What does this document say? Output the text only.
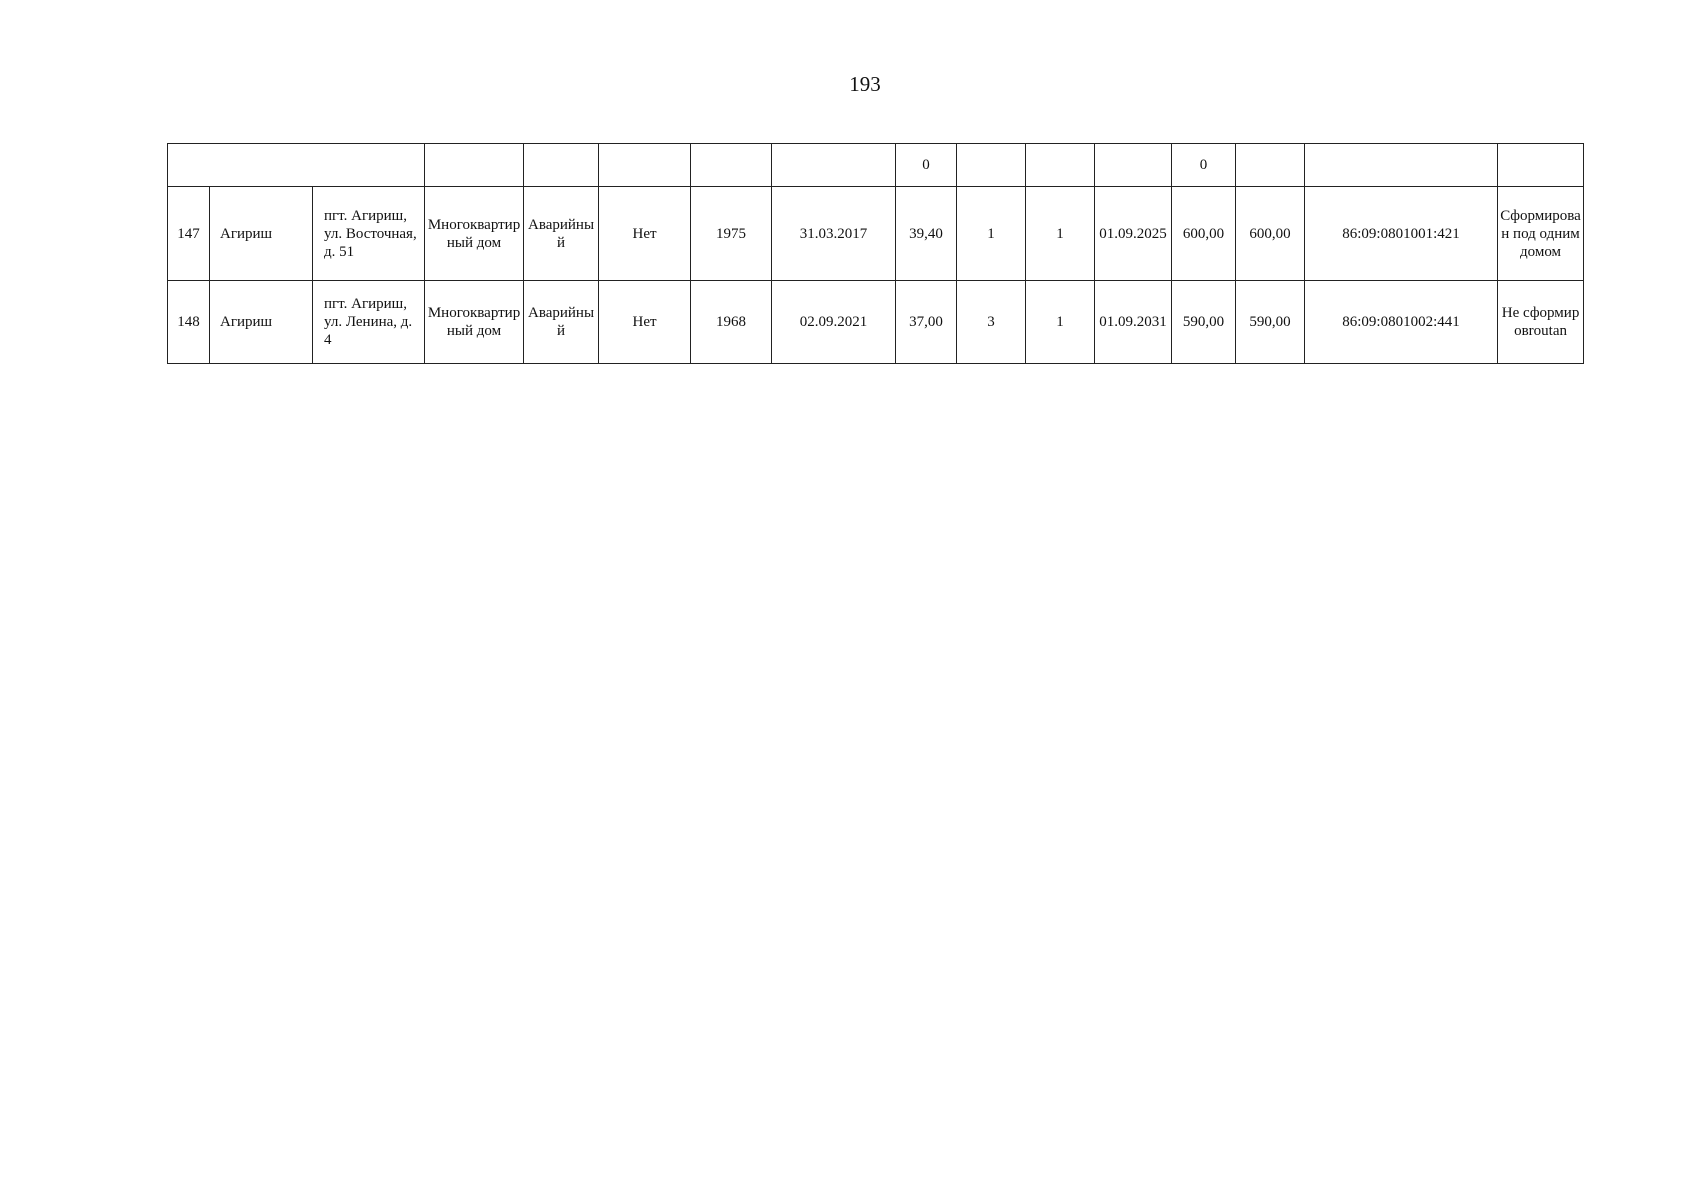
193
								0				0			
147	Агириш	пгт. Агириш, ул. Восточная, д. 51	Многоквартирный дом	Аварийный	Нет	1975	31.03.2017	39,40	1	1	01.09.2025	600,00	600,00	86:09:0801001:421	Сформирован под одним домом
148	Агириш	пгт. Агириш, ул. Ленина, д. 4	Многоквартирный дом	Аварийный	Нет	1968	02.09.2021	37,00	3	1	01.09.2031	590,00	590,00	86:09:0801002:441	Не сформировroutan
